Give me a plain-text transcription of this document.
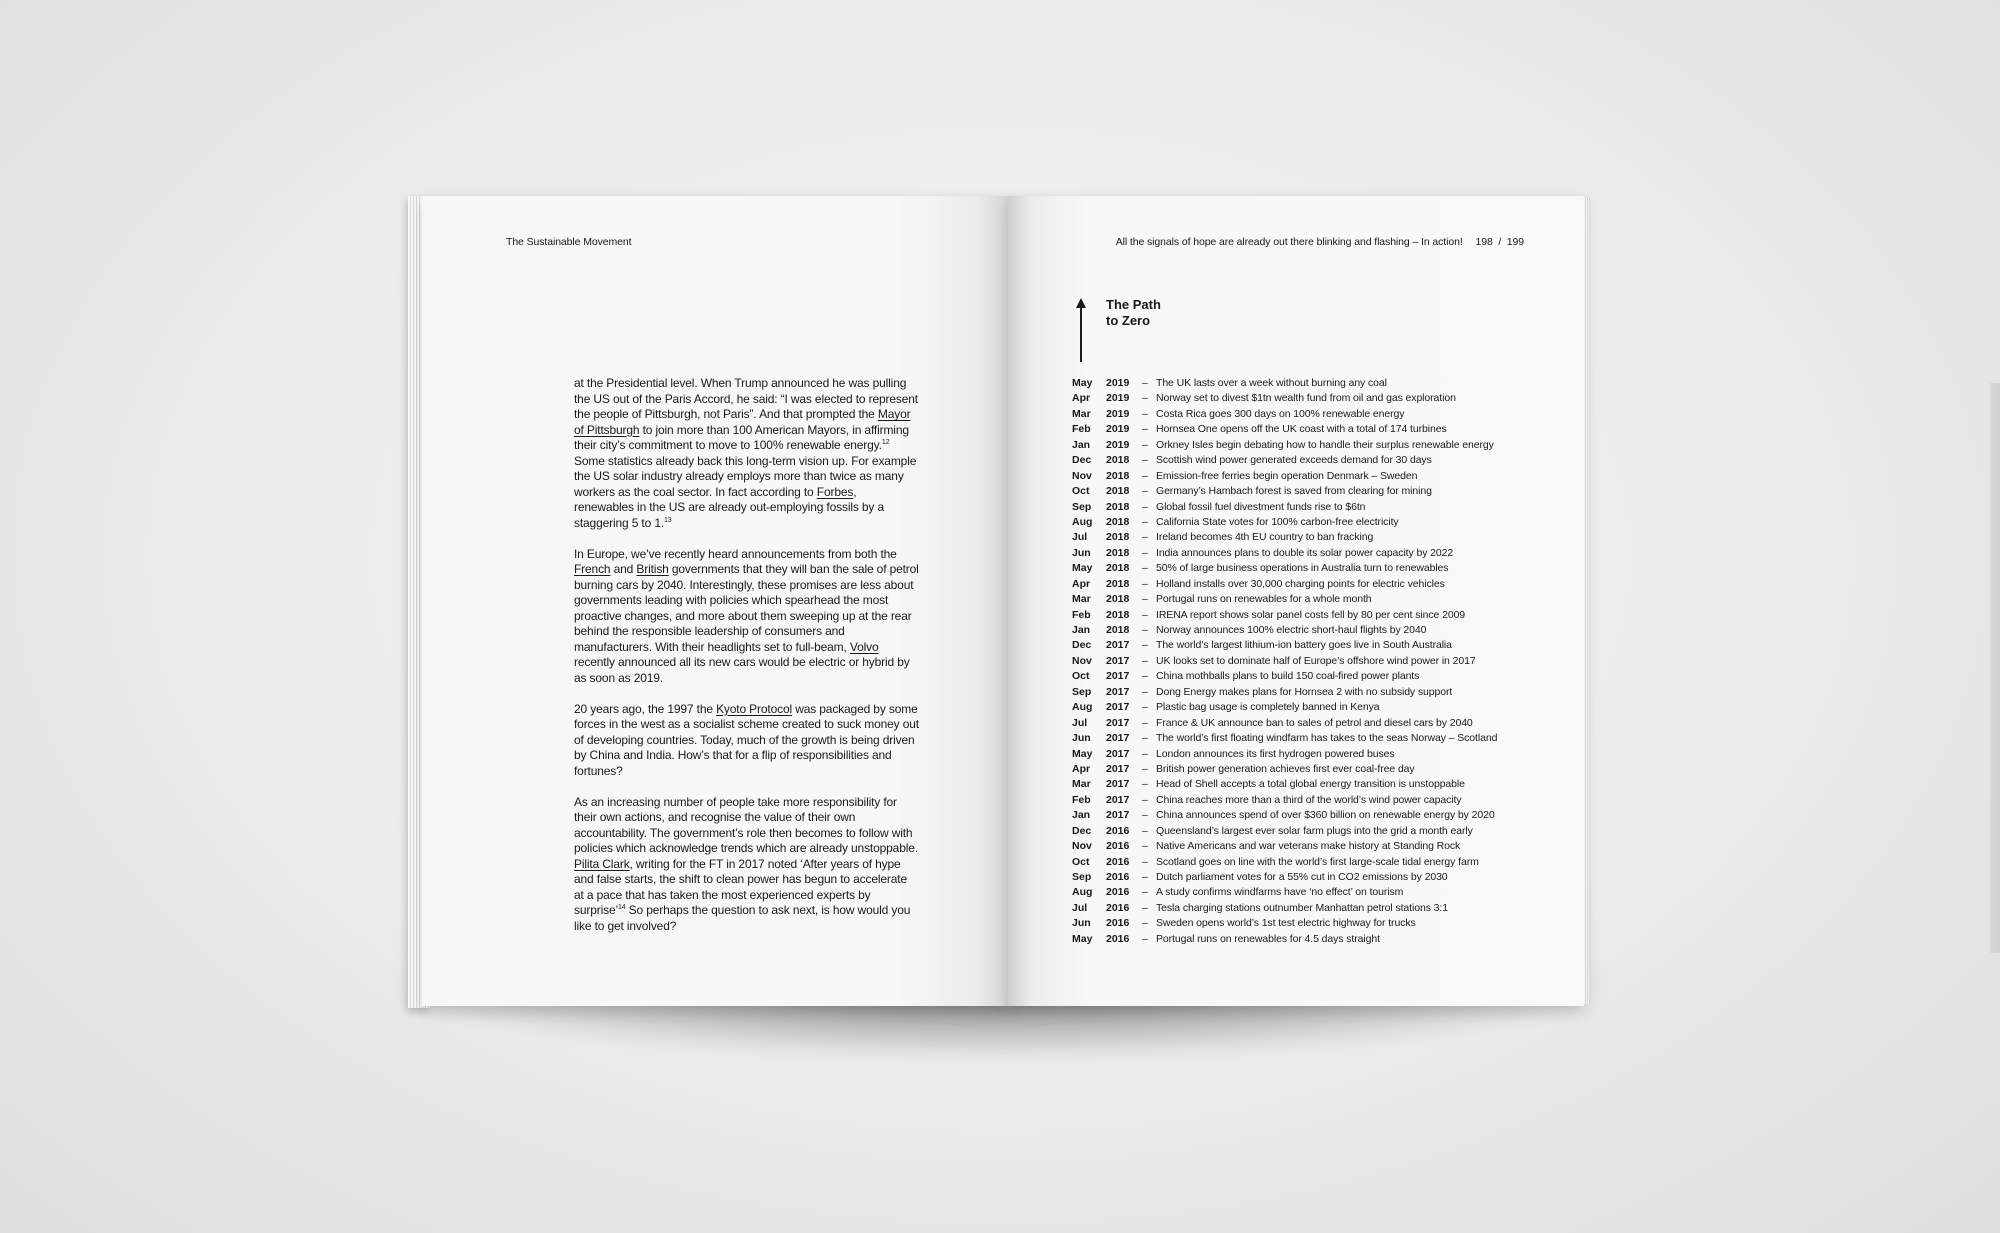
The Sustainable Movement

at the Presidential level. When Trump announced he was pulling the US out of the Paris Accord, he said: “I was elected to represent the people of Pittsburgh, not Paris”. And that prompted the Mayor of Pittsburgh to join more than 100 American Mayors, in affirming their city’s commitment to move to 100% renewable energy.$^{12}$ Some statistics already back this long-term vision up. For example the US solar industry already employs more than twice as many workers as the coal sector. In fact according to Forbes, renewables in the US are already out-employing fossils by a staggering 5 to 1.13

In Europe, we’ve recently heard announcements from both the French and British governments that they will ban the sale of petrol burning cars by 2040. Interestingly, these promises are less about governments leading with policies which spearhead the most proactive changes, and more about them sweeping up at the rear behind the responsible leadership of consumers and manufacturers. With their headlights set to full-beam, Volvo recently announced all its new cars would be electric or hybrid by as soon as 2019.

20 years ago, the 1997 the Kyoto Protocol was packaged by some forces in the west as a socialist scheme created to suck money out of developing countries. Today, much of the growth is being driven by China and India. How’s that for a flip of responsibilities and fortunes?

As an increasing number of people take more responsibility for their own actions, and recognise the value of their own accountability. The government’s role then becomes to follow with policies which acknowledge trends which are already unstoppable. Pilita Clark, writing for the FT in 2017 noted ‘After years of hype and false starts, the shift to clean power has begun to accelerate at a pace that has taken the most experienced experts by surprise’$^{14}$ So perhaps the question to ask next, is how would you like to get involved?

All the signals of hope are already out there blinking and flashing – In action! 198  /  199
The Path
to Zero
May	2019	– The UK lasts over a week without burning any coal
Apr	2019	– Norway set to divest $1tn wealth fund from oil and gas exploration
Mar	2019	– Costa Rica goes 300 days on 100% renewable energy
Feb	2019	– Hornsea One opens off the UK coast with a total of 174 turbines
Jan	2019	– Orkney Isles begin debating how to handle their surplus renewable energy
Dec	2018	– Scottish wind power generated exceeds demand for 30 days
Nov	2018	– Emission-free ferries begin operation Denmark – Sweden
Oct	2018	– Germany’s Hambach forest is saved from clearing for mining
Sep	2018	– Global fossil fuel divestment funds rise to $6tn
Aug	2018	– California State votes for 100% carbon-free electricity
Jul	2018	– Ireland becomes 4th EU country to ban fracking
Jun	2018	– India announces plans to double its solar power capacity by 2022
May	2018	– 50% of large business operations in Australia turn to renewables
Apr	2018	– Holland installs over 30,000 charging points for electric vehicles
Mar	2018	– Portugal runs on renewables for a whole month
Feb	2018	– IRENA report shows solar panel costs fell by 80 per cent since 2009
Jan	2018	– Norway announces 100% electric short-haul flights by 2040
Dec	2017	– The world’s largest lithium-ion battery goes live in South Australia
Nov	2017	– UK looks set to dominate half of Europe’s offshore wind power in 2017
Oct	2017	– China mothballs plans to build 150 coal-fired power plants
Sep	2017	– Dong Energy makes plans for Hornsea 2 with no subsidy support
Aug	2017	– Plastic bag usage is completely banned in Kenya
Jul	2017	– France & UK announce ban to sales of petrol and diesel cars by 2040
Jun	2017	– The world’s first floating windfarm has takes to the seas Norway – Scotland
May	2017	– London announces its first hydrogen powered buses
Apr	2017	– British power generation achieves first ever coal-free day
Mar	2017	– Head of Shell accepts a total global energy transition is unstoppable
Feb	2017	– China reaches more than a third of the world’s wind power capacity
Jan	2017	– China announces spend of over $360 billion on renewable energy by 2020
Dec	2016	– Queensland’s largest ever solar farm plugs into the grid a month early
Nov	2016	– Native Americans and war veterans make history at Standing Rock
Oct	2016	– Scotland goes on line with the world’s first large-scale tidal energy farm
Sep	2016	– Dutch parliament votes for a 55% cut in CO2 emissions by 2030
Aug	2016	– A study confirms windfarms have ‘no effect’ on tourism
Jul	2016	– Tesla charging stations outnumber Manhattan petrol stations 3:1
Jun	2016	– Sweden opens world’s 1st test electric highway for trucks
May	2016	– Portugal runs on renewables for 4.5 days straight
